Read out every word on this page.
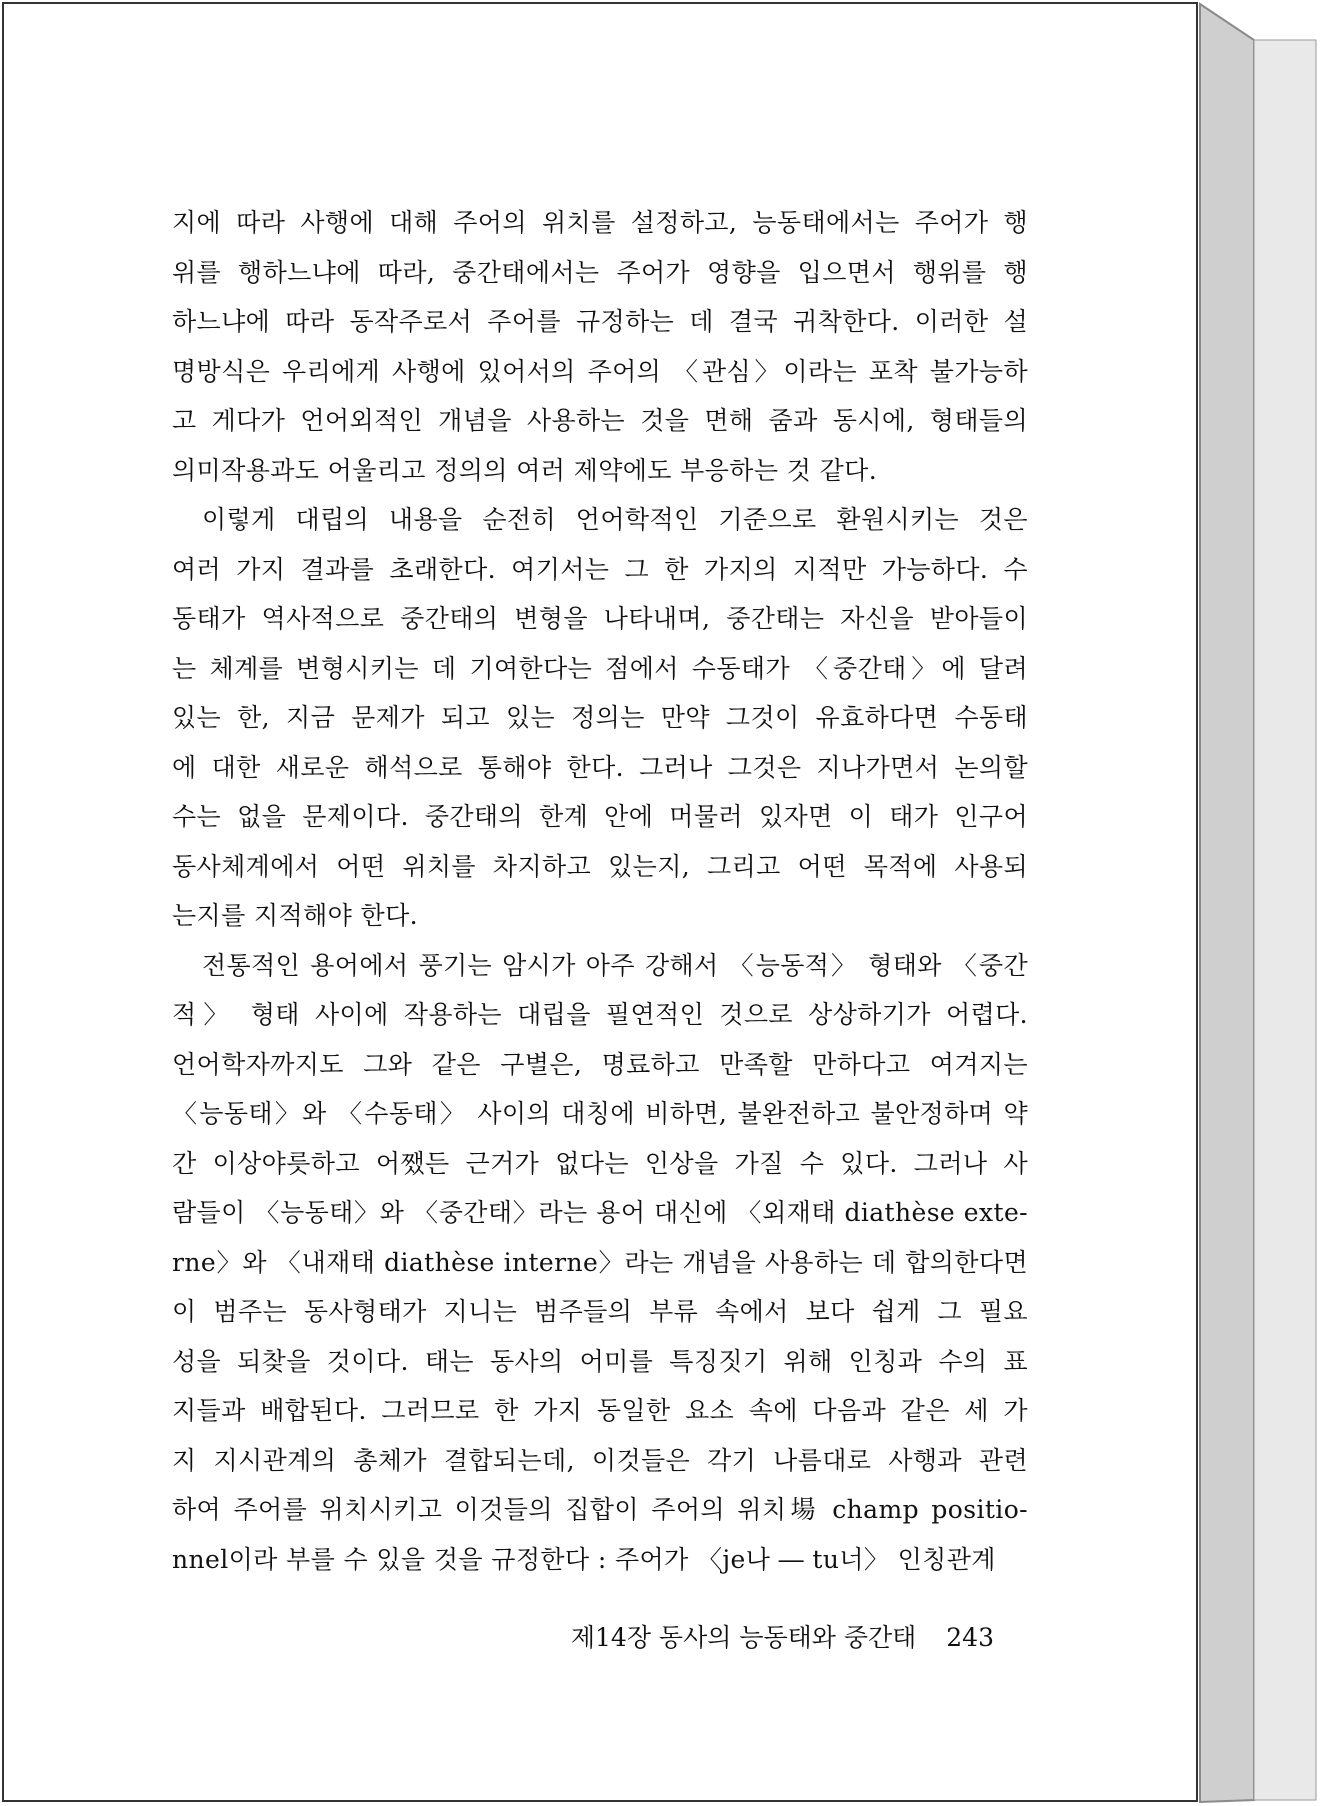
지에 따라 사행에 대해 주어의 위치를 설정하고, 능동태에서는 주어가 행
위를 행하느냐에 따라, 중간태에서는 주어가 영향을 입으면서 행위를 행
하느냐에 따라 동작주로서 주어를 규정하는 데 결국 귀착한다. 이러한 설
명방식은 우리에게 사행에 있어서의 주어의 〈관심〉이라는 포착 불가능하
고 게다가 언어외적인 개념을 사용하는 것을 면해 줌과 동시에, 형태들의
의미작용과도 어울리고 정의의 여러 제약에도 부응하는 것 같다.
이렇게 대립의 내용을 순전히 언어학적인 기준으로 환원시키는 것은
여러 가지 결과를 초래한다. 여기서는 그 한 가지의 지적만 가능하다. 수
동태가 역사적으로 중간태의 변형을 나타내며, 중간태는 자신을 받아들이
는 체계를 변형시키는 데 기여한다는 점에서 수동태가 〈중간태〉에 달려
있는 한, 지금 문제가 되고 있는 정의는 만약 그것이 유효하다면 수동태
에 대한 새로운 해석으로 통해야 한다. 그러나 그것은 지나가면서 논의할
수는 없을 문제이다. 중간태의 한계 안에 머물러 있자면 이 태가 인구어
동사체계에서 어떤 위치를 차지하고 있는지, 그리고 어떤 목적에 사용되
는지를 지적해야 한다.
전통적인 용어에서 풍기는 암시가 아주 강해서 〈능동적〉 형태와 〈중간
적〉 형태 사이에 작용하는 대립을 필연적인 것으로 상상하기가 어렵다.
언어학자까지도 그와 같은 구별은, 명료하고 만족할 만하다고 여겨지는
〈능동태〉와 〈수동태〉 사이의 대칭에 비하면, 불완전하고 불안정하며 약
간 이상야릇하고 어쨌든 근거가 없다는 인상을 가질 수 있다. 그러나 사
람들이 〈능동태〉와 〈중간태〉라는 용어 대신에 〈외재태 diathèse exte-
rne〉와 〈내재태 diathèse interne〉라는 개념을 사용하는 데 합의한다면
이 범주는 동사형태가 지니는 범주들의 부류 속에서 보다 쉽게 그 필요
성을 되찾을 것이다. 태는 동사의 어미를 특징짓기 위해 인칭과 수의 표
지들과 배합된다. 그러므로 한 가지 동일한 요소 속에 다음과 같은 세 가
지 지시관계의 총체가 결합되는데, 이것들은 각기 나름대로 사행과 관련
하여 주어를 위치시키고 이것들의 집합이 주어의 위치場 champ positio-
nnel이라 부를 수 있을 것을 규정한다 : 주어가 〈je나 ― tu너〉 인칭관계
제14장 동사의 능동태와 중간태 243
